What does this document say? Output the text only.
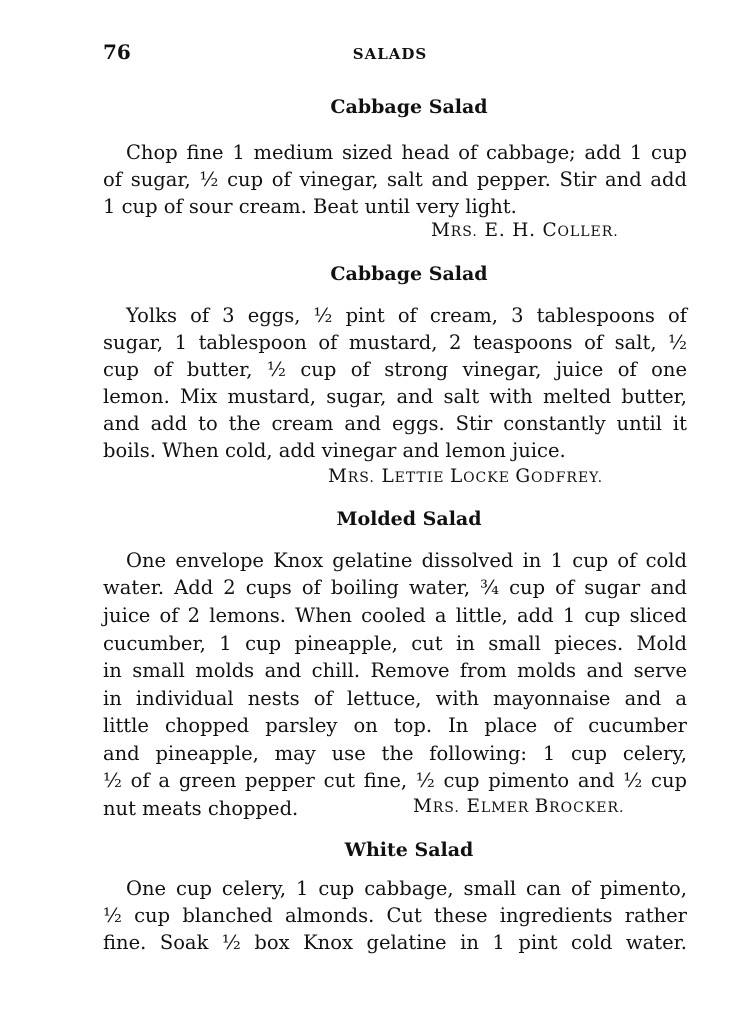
76	SALADS
Cabbage Salad
Chop fine 1 medium sized head of cabbage; add 1 cup
of sugar, ½ cup of vinegar, salt and pepper. Stir and add
1 cup of sour cream. Beat until very light.
MRS. E. H. COLLER.
Cabbage Salad
Yolks of 3 eggs, ½ pint of cream, 3 tablespoons of
sugar, 1 tablespoon of mustard, 2 teaspoons of salt, ½
cup of butter, ½ cup of strong vinegar, juice of one
lemon. Mix mustard, sugar, and salt with melted butter,
and add to the cream and eggs. Stir constantly until it
boils. When cold, add vinegar and lemon juice.
MRS. LETTIE LOCKE GODFREY.
Molded Salad
One envelope Knox gelatine dissolved in 1 cup of cold
water. Add 2 cups of boiling water, ¾ cup of sugar and
juice of 2 lemons. When cooled a little, add 1 cup sliced
cucumber, 1 cup pineapple, cut in small pieces. Mold
in small molds and chill. Remove from molds and serve
in individual nests of lettuce, with mayonnaise and a
little chopped parsley on top. In place of cucumber
and pineapple, may use the following: 1 cup celery,
½ of a green pepper cut fine, ½ cup pimento and ½ cup
nut meats chopped.	MRS. ELMER BROCKER.
White Salad
One cup celery, 1 cup cabbage, small can of pimento,
½ cup blanched almonds. Cut these ingredients rather
fine. Soak ½ box Knox gelatine in 1 pint cold water.
